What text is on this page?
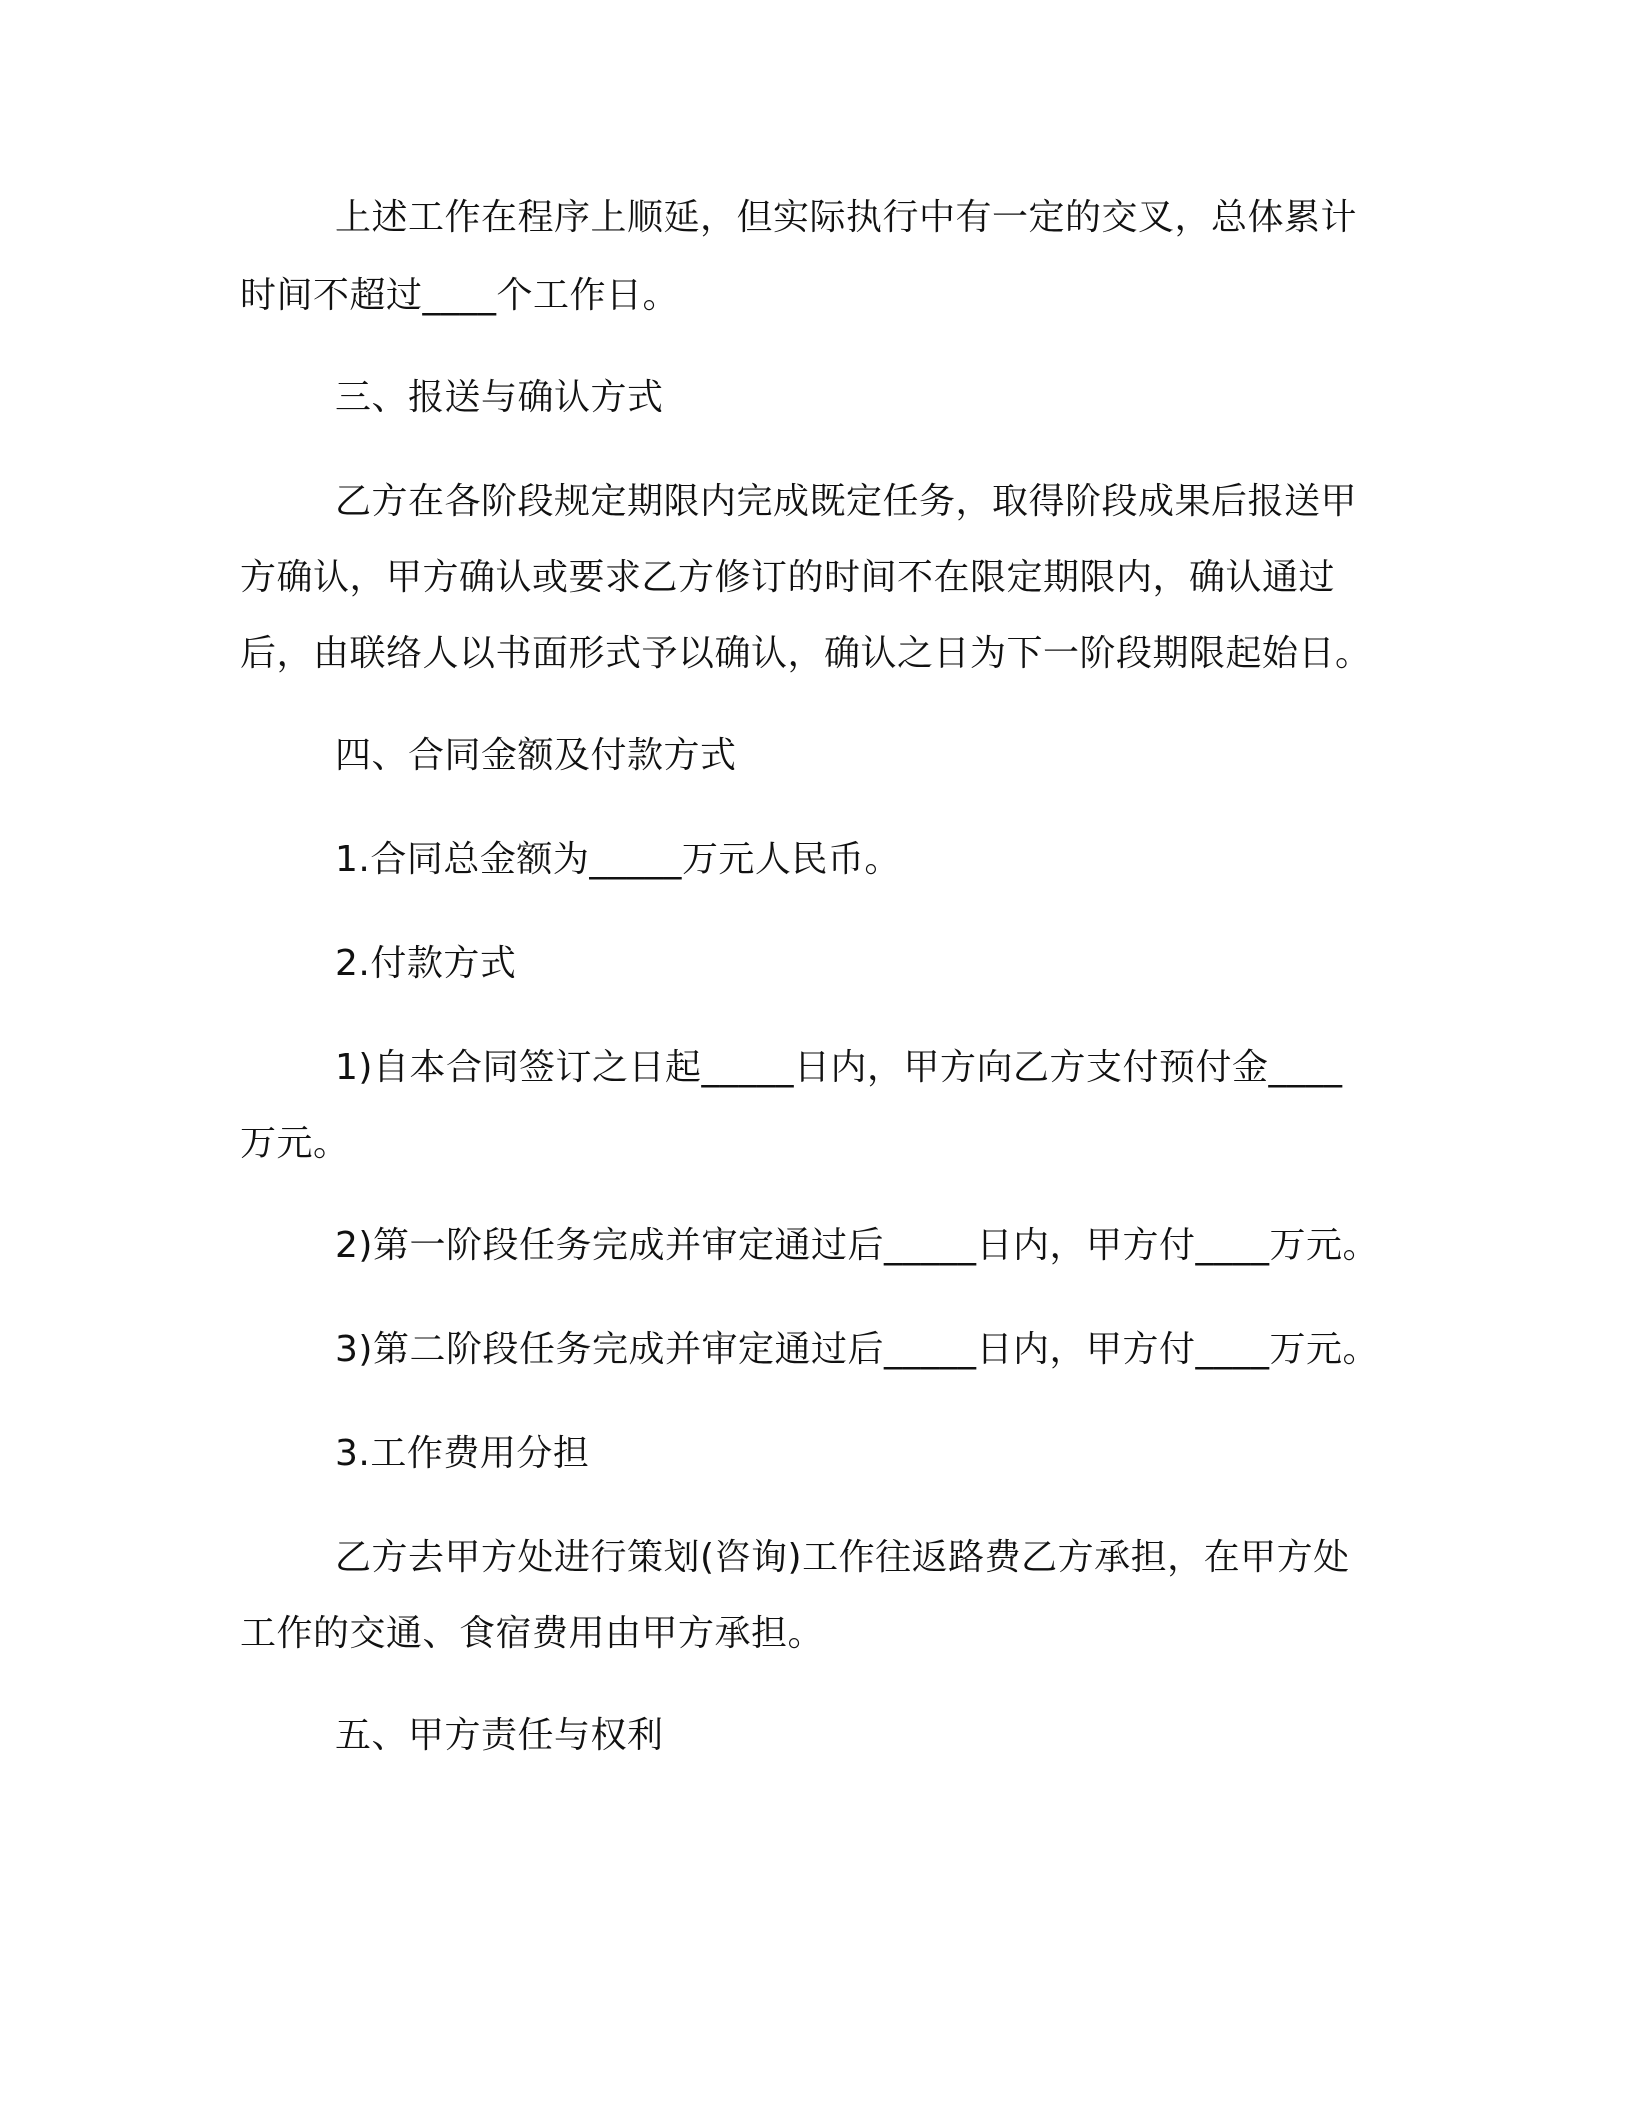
上述工作在程序上顺延，但实际执行中有一定的交叉，总体累计

时间不超过____个工作日。

三、报送与确认方式

乙方在各阶段规定期限内完成既定任务，取得阶段成果后报送甲

方确认，甲方确认或要求乙方修订的时间不在限定期限内，确认通过

后，由联络人以书面形式予以确认，确认之日为下一阶段期限起始日。

四、合同金额及付款方式

1.合同总金额为_____万元人民币。

2.付款方式

1)自本合同签订之日起_____日内，甲方向乙方支付预付金____

万元。

2)第一阶段任务完成并审定通过后_____日内，甲方付____万元。

3)第二阶段任务完成并审定通过后_____日内，甲方付____万元。

3.工作费用分担

乙方去甲方处进行策划(咨询)工作往返路费乙方承担，在甲方处

工作的交通、食宿费用由甲方承担。

五、甲方责任与权利
